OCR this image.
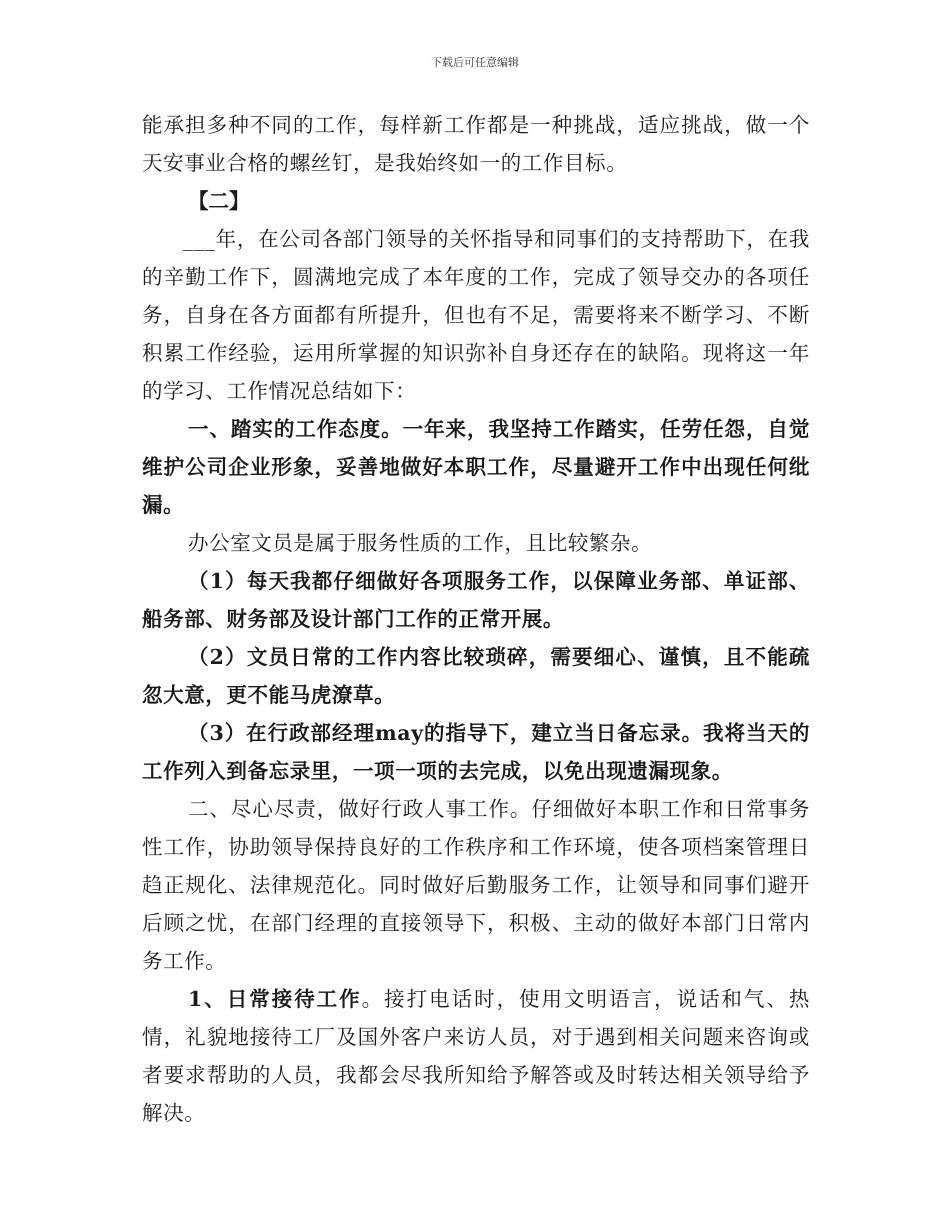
下载后可任意编辑

能承担多种不同的工作，每样新工作都是一种挑战，适应挑战，做一个天安事业合格的螺丝钉，是我始终如一的工作目标。

【二】

___年，在公司各部门领导的关怀指导和同事们的支持帮助下，在我的辛勤工作下，圆满地完成了本年度的工作，完成了领导交办的各项任务，自身在各方面都有所提升，但也有不足，需要将来不断学习、不断积累工作经验，运用所掌握的知识弥补自身还存在的缺陷。现将这一年的学习、工作情况总结如下：

一、踏实的工作态度。一年来，我坚持工作踏实，任劳任怨，自觉维护公司企业形象，妥善地做好本职工作，尽量避开工作中出现任何纰漏。

办公室文员是属于服务性质的工作，且比较繁杂。

（1）每天我都仔细做好各项服务工作，以保障业务部、单证部、船务部、财务部及设计部门工作的正常开展。

（2）文员日常的工作内容比较琐碎，需要细心、谨慎，且不能疏忽大意，更不能马虎潦草。

（3）在行政部经理may的指导下，建立当日备忘录。我将当天的工作列入到备忘录里，一项一项的去完成，以免出现遗漏现象。

二、尽心尽责，做好行政人事工作。仔细做好本职工作和日常事务性工作，协助领导保持良好的工作秩序和工作环境，使各项档案管理日趋正规化、法律规范化。同时做好后勤服务工作，让领导和同事们避开后顾之忧，在部门经理的直接领导下，积极、主动的做好本部门日常内务工作。

1、日常接待工作。接打电话时，使用文明语言，说话和气、热情，礼貌地接待工厂及国外客户来访人员，对于遇到相关问题来咨询或者要求帮助的人员，我都会尽我所知给予解答或及时转达相关领导给予解决。
